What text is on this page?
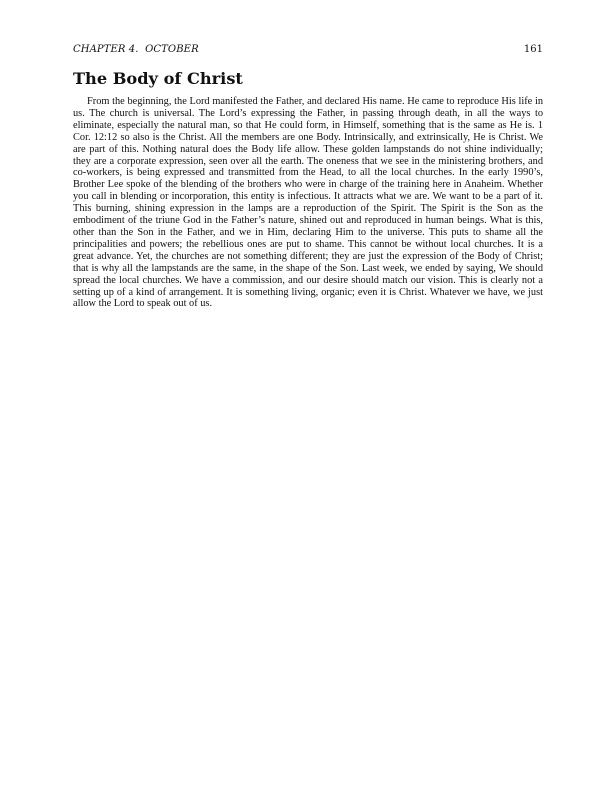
CHAPTER 4.  OCTOBER	161
The Body of Christ

From the beginning, the Lord manifested the Father, and declared His name. He came to reproduce His life in us. The church is universal. The Lord’s expressing the Father, in passing through death, in all the ways to eliminate, especially the natural man, so that He could form, in Himself, something that is the same as He is. 1 Cor. 12:12 so also is the Christ. All the members are one Body. Intrinsically, and extrinsically, He is Christ. We are part of this. Nothing natural does the Body life allow. These golden lampstands do not shine individually; they are a corporate expression, seen over all the earth. The oneness that we see in the ministering brothers, and co-workers, is being expressed and transmitted from the Head, to all the local churches. In the early 1990’s, Brother Lee spoke of the blending of the brothers who were in charge of the training here in Anaheim. Whether you call in blending or incorporation, this entity is infectious. It attracts what we are. We want to be a part of it. This burning, shining expression in the lamps are a reproduction of the Spirit. The Spirit is the Son as the embodiment of the triune God in the Father’s nature, shined out and reproduced in human beings. What is this, other than the Son in the Father, and we in Him, declaring Him to the universe. This puts to shame all the principalities and powers; the rebellious ones are put to shame. This cannot be without local churches. It is a great advance. Yet, the churches are not something different; they are just the expression of the Body of Christ; that is why all the lampstands are the same, in the shape of the Son. Last week, we ended by saying, We should spread the local churches. We have a commission, and our desire should match our vision. This is clearly not a setting up of a kind of arrangement. It is something living, organic; even it is Christ. Whatever we have, we just allow the Lord to speak out of us.
